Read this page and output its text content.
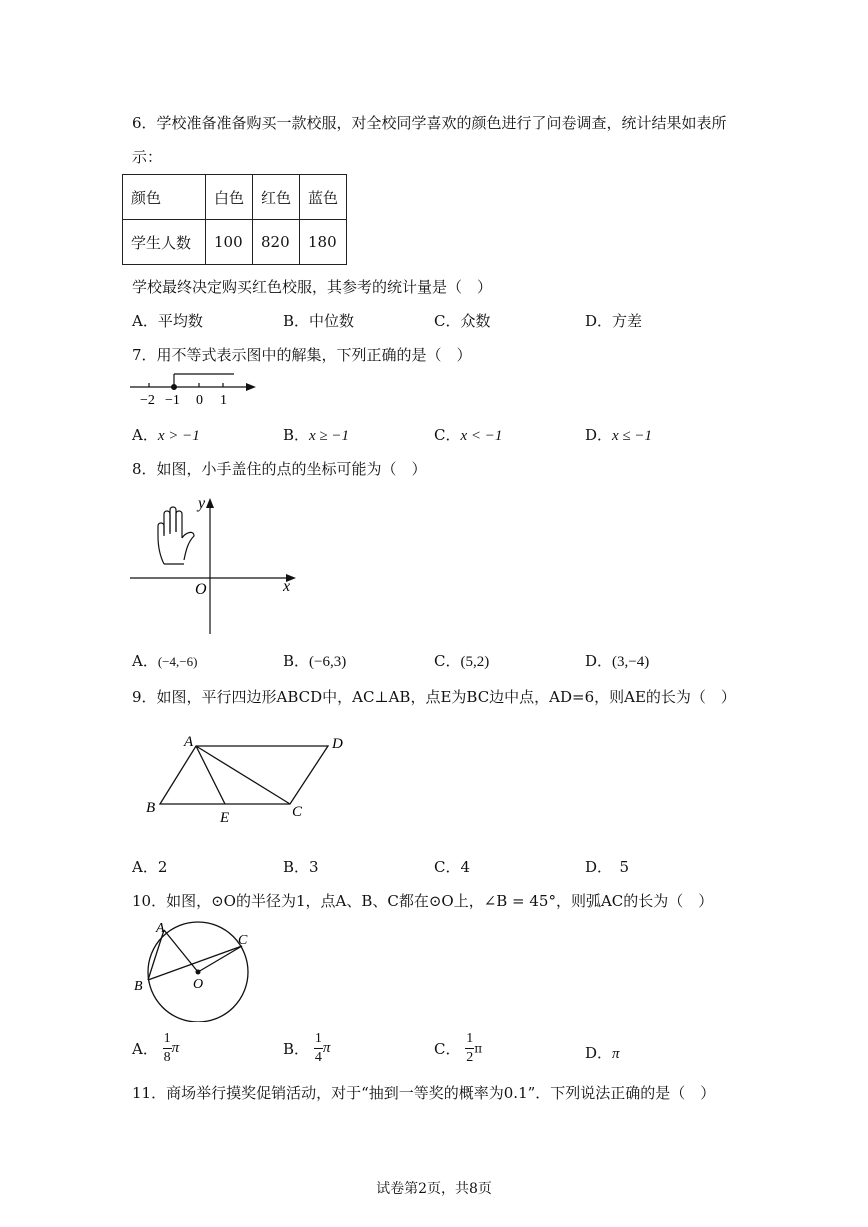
6．学校准备准备购买一款校服，对全校同学喜欢的颜色进行了问卷调查，统计结果如表所
示：
颜色	白色	红色	蓝色
学生人数	100	820	180
学校最终决定购买红色校服，其参考的统计量是（　）
A．平均数	B．中位数	C．众数	D．方差
7．用不等式表示图中的解集，下列正确的是（　）
−2 −1 0 1
A．x > −1	B．x ≥ −1	C．x < −1	D．x ≤ −1
8．如图，小手盖住的点的坐标可能为（　）
y
x
O
A．(−4,−6)	B．(−6,3)	C．(5,2)	D．(3,−4)
9．如图，平行四边形ABCD中，AC⊥AB，点E为BC边中点，AD=6，则AE的长为（　）
A	D
B	C
E
A．2	B．3	C．4	D．　5
10．如图，⊙O的半径为1，点A、B、C都在⊙O上，∠B = 45°，则弧AC的长为（　）
A
B
C
O
A． $\frac{1}{8}$ π	B． $\frac{1}{4}$ π	C． $\frac{1}{2}$ π	D．π
11．商场举行摸奖促销活动，对于“抽到一等奖的概率为0.1”．下列说法正确的是（　）
试卷第2页，共8页
